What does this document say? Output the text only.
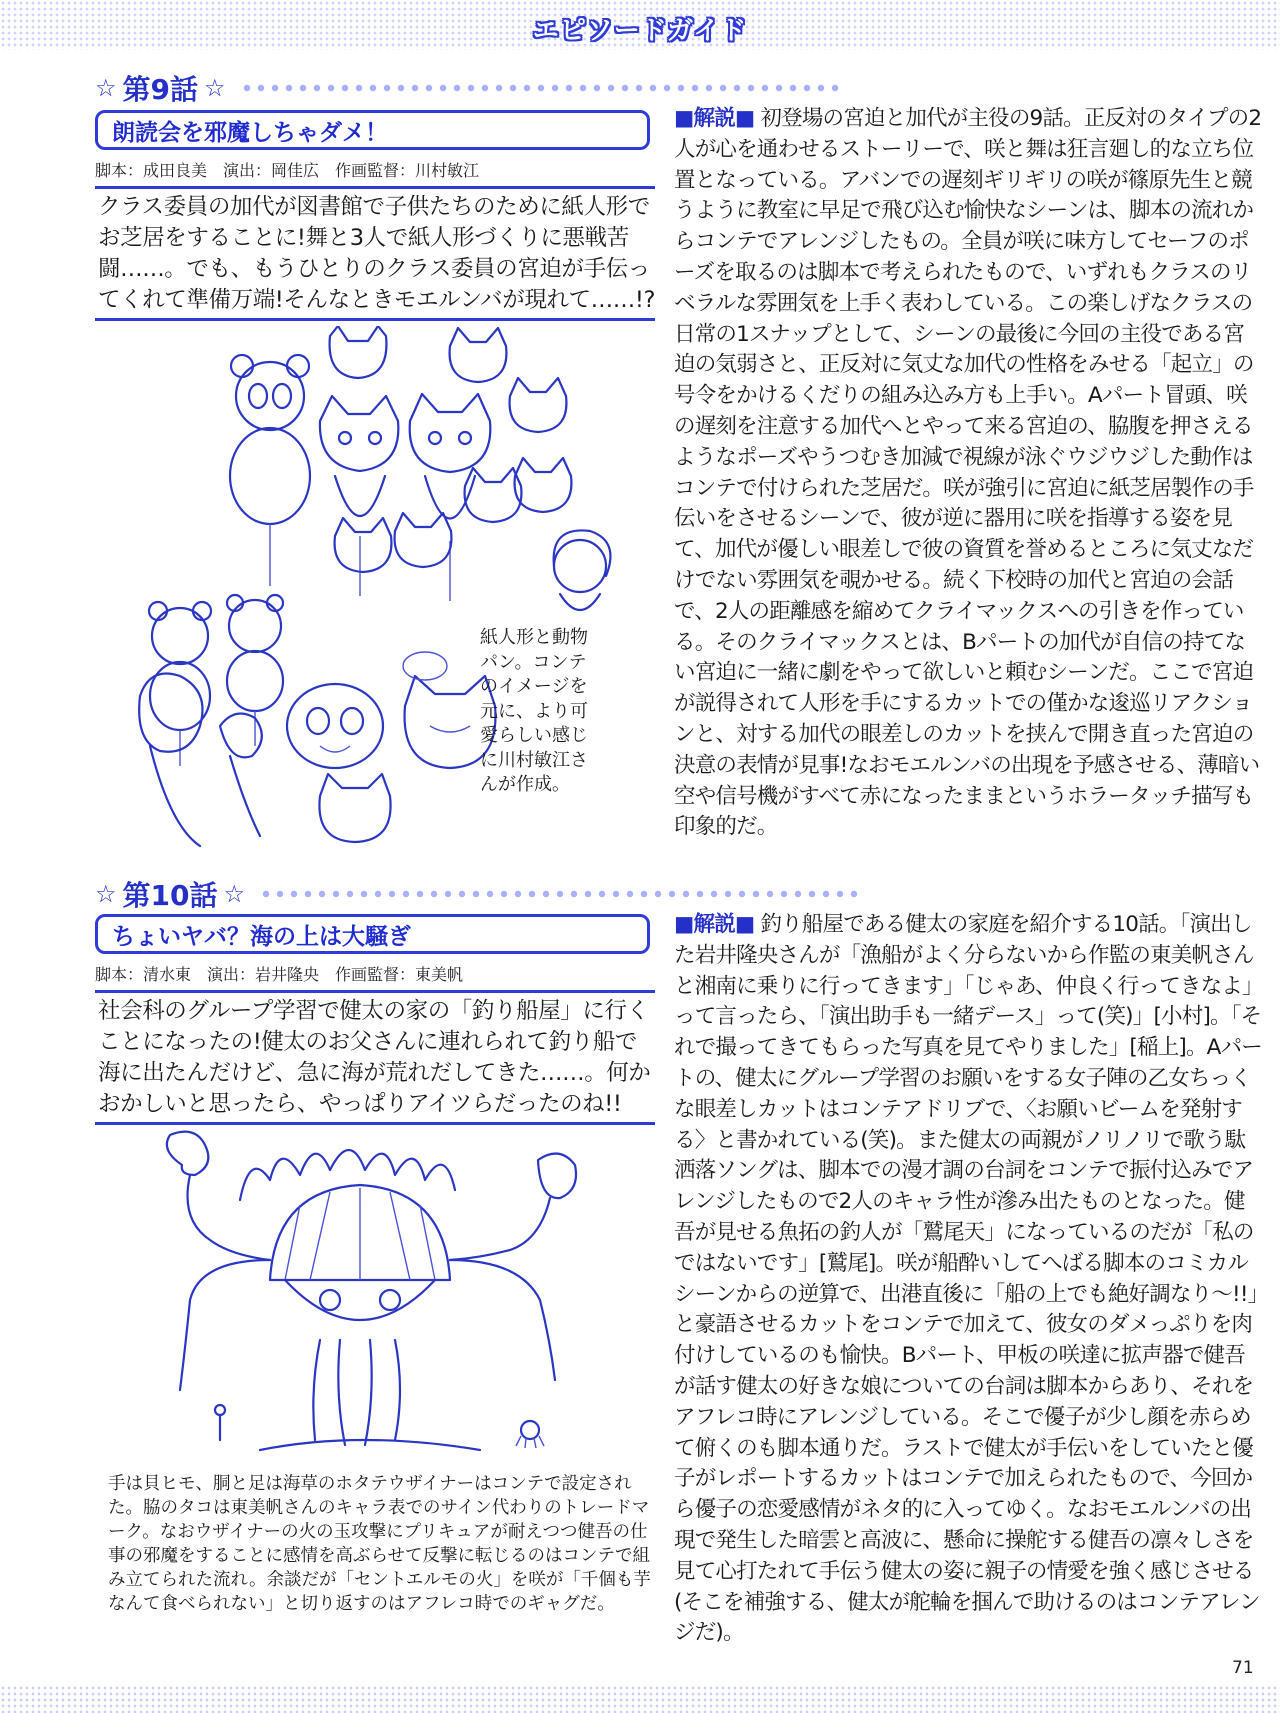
エピソードガイド
☆ 第9話 ☆
朗読会を邪魔しちゃダメ！
脚本：成田良美　演出：岡佳広　作画監督：川村敏江

クラス委員の加代が図書館で子供たちのために紙人形でお芝居をすることに!舞と3人で紙人形づくりに悪戦苦闘……。でも、もうひとりのクラス委員の宮迫が手伝ってくれて準備万端!そんなときモエルンバが現れて……!?

■解説■ 初登場の宮迫と加代が主役の9話。正反対のタイプの2人が心を通わせるストーリーで、咲と舞は狂言廻し的な立ち位置となっている。アバンでの遅刻ギリギリの咲が篠原先生と競うように教室に早足で飛び込む愉快なシーンは、脚本の流れからコンテでアレンジしたもの。全員が咲に味方してセーフのポーズを取るのは脚本で考えられたもので、いずれもクラスのリベラルな雰囲気を上手く表わしている。この楽しげなクラスの日常の1スナップとして、シーンの最後に今回の主役である宮迫の気弱さと、正反対に気丈な加代の性格をみせる「起立」の号令をかけるくだりの組み込み方も上手い。Aパート冒頭、咲の遅刻を注意する加代へとやって来る宮迫の、脇腹を押さえるようなポーズやうつむき加減で視線が泳ぐウジウジした動作はコンテで付けられた芝居だ。咲が強引に宮迫に紙芝居製作の手伝いをさせるシーンで、彼が逆に器用に咲を指導する姿を見て、加代が優しい眼差しで彼の資質を誉めるところに気丈なだけでない雰囲気を覗かせる。続く下校時の加代と宮迫の会話で、2人の距離感を縮めてクライマックスへの引きを作っている。そのクライマックスとは、Bパートの加代が自信の持てない宮迫に一緒に劇をやって欲しいと頼むシーンだ。ここで宮迫が説得されて人形を手にするカットでの僅かな逡巡リアクションと、対する加代の眼差しのカットを挟んで開き直った宮迫の決意の表情が見事!なおモエルンバの出現を予感させる、薄暗い空や信号機がすべて赤になったままというホラータッチ描写も印象的だ。

紙人形と動物パン。コンテのイメージを元に、より可愛らしい感じに川村敏江さんが作成。

☆ 第10話 ☆
ちょいヤバ？海の上は大騒ぎ
脚本：清水東　演出：岩井隆央　作画監督：東美帆

社会科のグループ学習で健太の家の「釣り船屋」に行くことになったの!健太のお父さんに連れられて釣り船で海に出たんだけど、急に海が荒れだしてきた……。何かおかしいと思ったら、やっぱりアイツらだったのね!!

■解説■ 釣り船屋である健太の家庭を紹介する10話。「演出した岩井隆央さんが「漁船がよく分らないから作監の東美帆さんと湘南に乗りに行ってきます」「じゃあ、仲良く行ってきなよ」って言ったら、「演出助手も一緒デース」って(笑)」[小村]。「それで撮ってきてもらった写真を見てやりました」[稲上]。Aパートの、健太にグループ学習のお願いをする女子陣の乙女ちっくな眼差しカットはコンテアドリブで、〈お願いビームを発射する〉と書かれている(笑)。また健太の両親がノリノリで歌う駄洒落ソングは、脚本での漫才調の台詞をコンテで振付込みでアレンジしたもので2人のキャラ性が滲み出たものとなった。健吾が見せる魚拓の釣人が「鷲尾天」になっているのだが「私のではないです」[鷲尾]。咲が船酔いしてへばる脚本のコミカルシーンからの逆算で、出港直後に「船の上でも絶好調なり〜!!」と豪語させるカットをコンテで加えて、彼女のダメっぷりを肉付けしているのも愉快。Bパート、甲板の咲達に拡声器で健吾が話す健太の好きな娘についての台詞は脚本からあり、それをアフレコ時にアレンジしている。そこで優子が少し顔を赤らめて俯くのも脚本通りだ。ラストで健太が手伝いをしていたと優子がレポートするカットはコンテで加えられたもので、今回から優子の恋愛感情がネタ的に入ってゆく。なおモエルンバの出現で発生した暗雲と高波に、懸命に操舵する健吾の凛々しさを見て心打たれて手伝う健太の姿に親子の情愛を強く感じさせる(そこを補強する、健太が舵輪を掴んで助けるのはコンテアレンジだ)。

手は貝ヒモ、胴と足は海草のホタテウザイナーはコンテで設定された。脇のタコは東美帆さんのキャラ表でのサイン代わりのトレードマーク。なおウザイナーの火の玉攻撃にプリキュアが耐えつつ健吾の仕事の邪魔をすることに感情を高ぶらせて反撃に転じるのはコンテで組み立てられた流れ。余談だが「セントエルモの火」を咲が「千個も芋なんて食べられない」と切り返すのはアフレコ時でのギャグだ。

71
